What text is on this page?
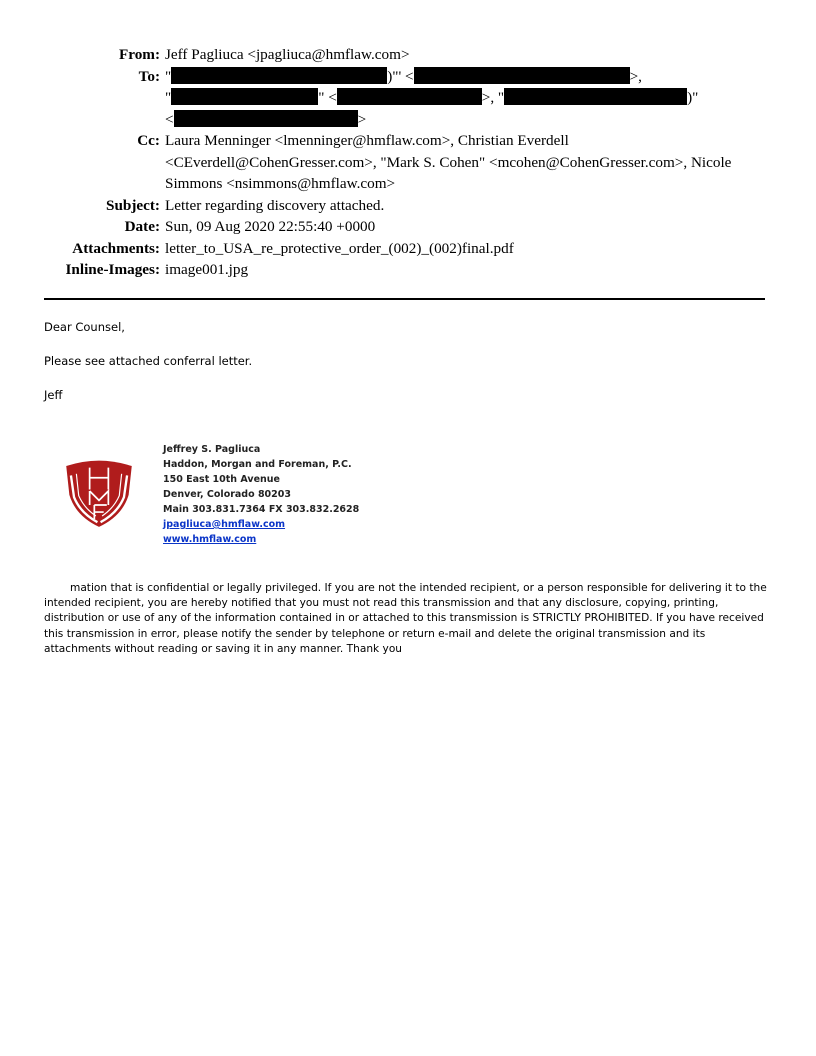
From: Jeff Pagliuca <jpagliuca@hmflaw.com>
To: "	)"' <	>,
"	" <	>, "	)"
<	>
Cc: Laura Menninger <lmenninger@hmflaw.com>, Christian Everdell <CEverdell@CohenGresser.com>, "Mark S. Cohen" <mcohen@CohenGresser.com>, Nicole Simmons <nsimmons@hmflaw.com>
Subject: Letter regarding discovery attached.
Date: Sun, 09 Aug 2020 22:55:40 +0000
Attachments: letter_to_USA_re_protective_order_(002)_(002)final.pdf
Inline-Images: image001.jpg

Dear Counsel,

Please see attached conferral letter.

Jeff

Jeffrey S. Pagliuca
Haddon, Morgan and Foreman, P.C.
150 East 10th Avenue
Denver, Colorado 80203
Main 303.831.7364 FX 303.832.2628
jpagliuca@hmflaw.com
www.hmflaw.com
mation that is confidential or legally privileged. If you are not the intended recipient, or a person responsible for delivering it to the intended recipient, you are hereby notified that you must not read this transmission and that any disclosure, copying, printing, distribution or use of any of the information contained in or attached to this transmission is STRICTLY PROHIBITED. If you have received this transmission in error, please notify the sender by telephone or return e-mail and delete the original transmission and its attachments without reading or saving it in any manner. Thank you
